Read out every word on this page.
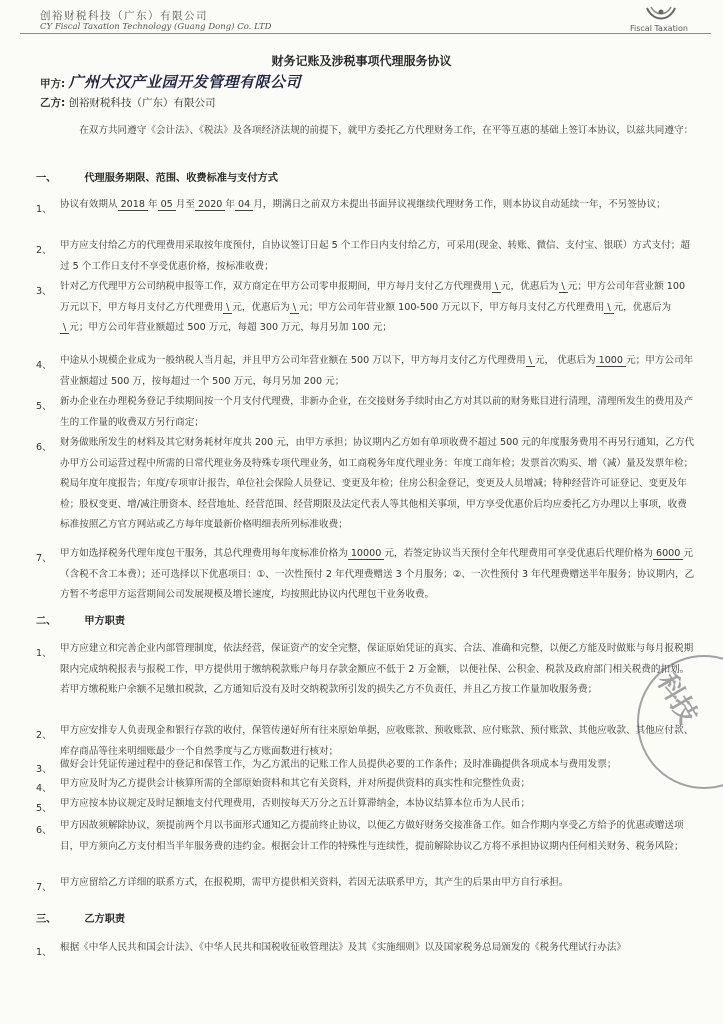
创裕财税科技（广东）有限公司
CY Fiscal Taxation Technology (Guang Dong) Co. LTD	Fiscal Taxation
财务记账及涉税事项代理服务协议
甲方: 广州大汉产业园开发管理有限公司
乙方: 创裕财税科技（广东）有限公司
在双方共同遵守《会计法》、《税法》及各项经济法规的前提下，就甲方委托乙方代理财务工作，在平等互惠的基础上签订本协议，以兹共同遵守：
一、	代理服务期限、范围、收费标准与支付方式
1、 协议有效期从 2018 年 05 月至 2020 年 04 月，期满日之前双方未提出书面异议视继续代理财务工作，则本协议自动延续一年，不另签协议；
2、 甲方应支付给乙方的代理费用采取按年度预付，自协议签订日起 5 个工作日内支付给乙方，可采用(现金、转账、微信、支付宝、银联）方式支付；超过 5 个工作日支付不享受优惠价格，按标准收费；
3、 针对乙方代理甲方公司纳税申报等工作，双方商定在甲方公司零申报期间，甲方每月支付乙方代理费用 \ 元，优惠后为 \ 元；甲方公司年营业额 100 万元以下，甲方每月支付乙方代理费用 \ 元，优惠后为 \ 元；甲方公司年营业额 100-500 万元以下，甲方每月支付乙方代理费用 \ 元，优惠后为\ 元；甲方公司年营业额超过 500 万元，每超 300 万元，每月另加 100 元；
4、 中途从小规模企业成为一般纳税人当月起，并且甲方公司年营业额在 500 万以下，甲方每月支付乙方代理费用 \ 元， 优惠后为 1000 元；甲方公司年营业额超过 500 万，按每超过一个 500 万元，每月另加 200 元；
5、 新办企业在办理税务登记手续期间按一个月支付代理费，非新办企业，在交接财务手续时由乙方对其以前的财务账目进行清理，清理所发生的费用及产生的工作量的收费双方另行商定；
6、 财务做账所发生的材料及其它财务耗材年度共 200 元，由甲方承担；协议期内乙方如有单项收费不超过 500 元的年度服务费用不再另行通知，乙方代办甲方公司运营过程中所需的日常代理业务及特殊专项代理业务，如工商税务年度代理业务：年度工商年检；发票首次购买、增（减）量及发票年检；税局年度年度报告；年度/专项审计报告，单位社会保险人员登记、变更及年检；住房公积金登记，变更及人员增减；特种经营许可证登记、变更及年检；股权变更、增/减注册资本、经营地址、经营范围、经营期限及法定代表人等其他相关事项，甲方享受优惠价后均应委托乙方办理以上事项，收费标准按照乙方官方网站或乙方每年度最新价格明细表所列标准收费；
7、 甲方如选择税务代理年度包干服务，其总代理费用每年度标准价格为 10000 元，若签定协议当天预付全年代理费用可享受优惠后代理价格为 6000 元（含税不含工本费）；还可选择以下优惠项目：①、一次性预付 2 年代理费赠送 3 个月服务；②、一次性预付 3 年代理费赠送半年服务；协议期内，乙方暂不考虑甲方运营期间公司发展规模及增长速度，均按照此协议内代理包干业务收费。
二、	甲方职责
1、 甲方应建立和完善企业内部管理制度，依法经营，保证资产的安全完整，保证原始凭证的真实、合法、准确和完整，以便乙方能及时做账与每月报税期限内完成纳税报表与报税工作，甲方提供用于缴纳税款账户每月存款金额应不低于 2 万金额， 以便社保、公积金、税款及政府部门相关税费的扣划。若甲方缴税账户余额不足缴扣税款，乙方通知后没有及时交纳税款所引发的损失乙方不负责任，并且乙方按工作量加收服务费；
2、 甲方应安排专人负责现金和银行存款的收付，保管传递好所有往来原始单据，应收账款、预收账款、应付账款、预付账款、其他应收款、其他应付款、库存商品等往来明细账最少一个自然季度与乙方账面数进行核对；
3、 做好会计凭证传递过程中的登记和保管工作，为乙方派出的记账工作人员提供必要的工作条件；及时准确提供各项成本与费用发票；
4、 甲方应及时为乙方提供会计核算所需的全部原始资料和其它有关资料，并对所提供资料的真实性和完整性负责；
5、 甲方应按本协议规定及时足额地支付代理费用，否则按每天万分之五计算滞纳金，本协议结算本位币为人民币；
6、 甲方因故须解除协议，须提前两个月以书面形式通知乙方提前终止协议，以便乙方做好财务交接准备工作。如合作期内享受乙方给予的优惠或赠送项目，甲方须向乙方支付相当半年服务费的违约金。根据会计工作的特殊性与连续性，提前解除协议乙方将不承担协议期内任何相关财务、税务风险；
7、 甲方应留给乙方详细的联系方式，在报税期，需甲方提供相关资料，若因无法联系甲方，其产生的后果由甲方自行承担。
三、	乙方职责
1、 根据《中华人民共和国会计法》、《中华人民共和国税收征收管理法》及其《实施细则》以及国家税务总局颁发的《税务代理试行办法》
科技
